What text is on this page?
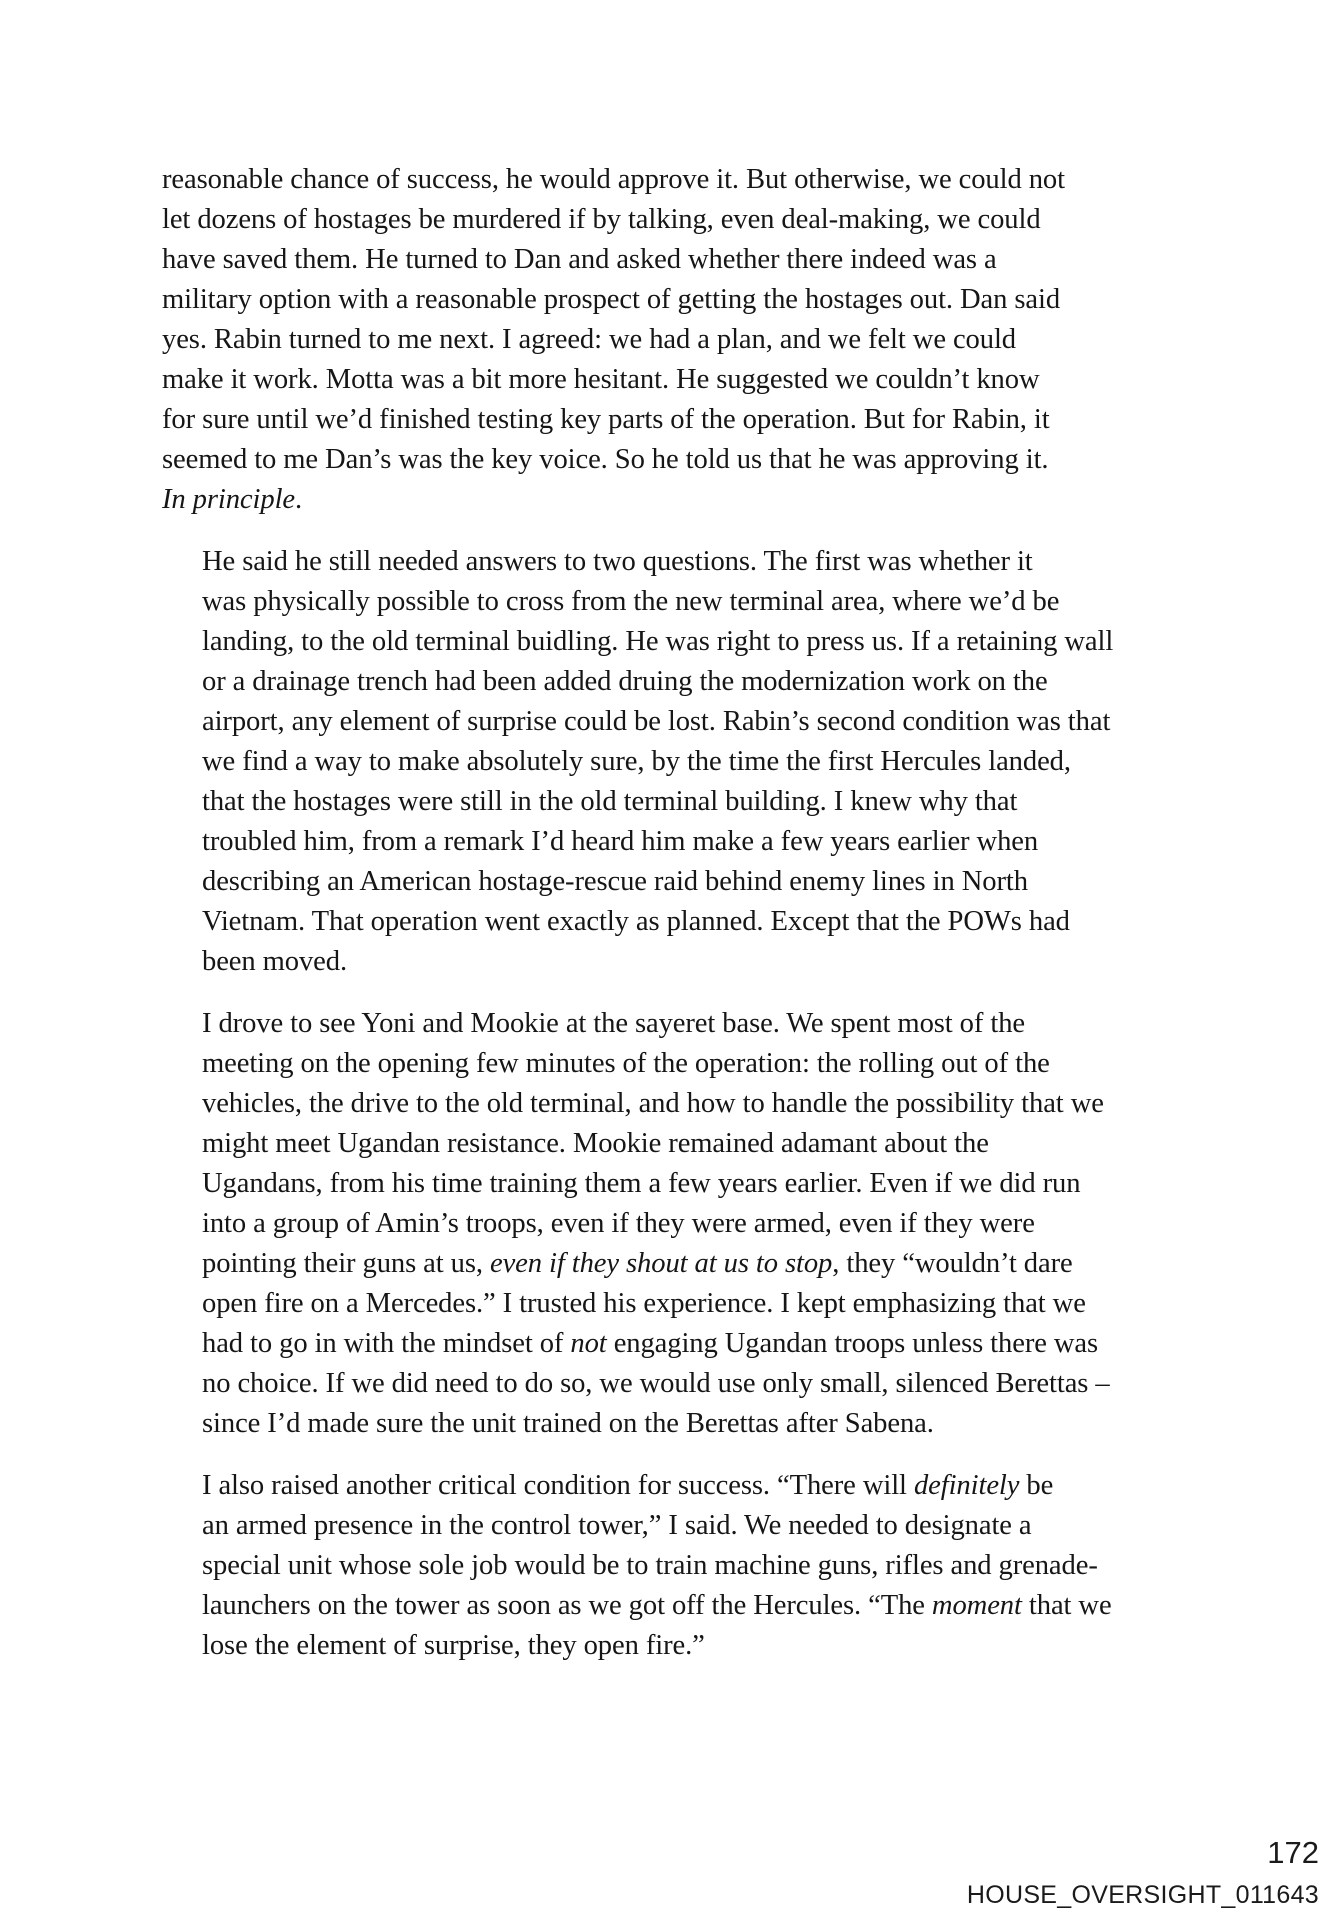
reasonable chance of success, he would approve it. But otherwise, we could not
let dozens of hostages be murdered if by talking, even deal-making, we could
have saved them. He turned to Dan and asked whether there indeed was a
military option with a reasonable prospect of getting the hostages out. Dan said
yes. Rabin turned to me next. I agreed: we had a plan, and we felt we could
make it work. Motta was a bit more hesitant. He suggested we couldn’t know
for sure until we’d finished testing key parts of the operation. But for Rabin, it
seemed to me Dan’s was the key voice. So he told us that he was approving it.
In principle.

He said he still needed answers to two questions. The first was whether it
was physically possible to cross from the new terminal area, where we’d be
landing, to the old terminal buidling. He was right to press us. If a retaining wall
or a drainage trench had been added druing the modernization work on the
airport, any element of surprise could be lost. Rabin’s second condition was that
we find a way to make absolutely sure, by the time the first Hercules landed,
that the hostages were still in the old terminal building. I knew why that
troubled him, from a remark I’d heard him make a few years earlier when
describing an American hostage-rescue raid behind enemy lines in North
Vietnam. That operation went exactly as planned. Except that the POWs had
been moved.

I drove to see Yoni and Mookie at the sayeret base. We spent most of the
meeting on the opening few minutes of the operation: the rolling out of the
vehicles, the drive to the old terminal, and how to handle the possibility that we
might meet Ugandan resistance. Mookie remained adamant about the
Ugandans, from his time training them a few years earlier. Even if we did run
into a group of Amin’s troops, even if they were armed, even if they were
pointing their guns at us, even if they shout at us to stop, they “wouldn’t dare
open fire on a Mercedes.” I trusted his experience. I kept emphasizing that we
had to go in with the mindset of not engaging Ugandan troops unless there was
no choice. If we did need to do so, we would use only small, silenced Berettas –
since I’d made sure the unit trained on the Berettas after Sabena.

I also raised another critical condition for success. “There will definitely be
an armed presence in the control tower,” I said. We needed to designate a
special unit whose sole job would be to train machine guns, rifles and grenade-
launchers on the tower as soon as we got off the Hercules. “The moment that we
lose the element of surprise, they open fire.”

172
HOUSE_OVERSIGHT_011643
